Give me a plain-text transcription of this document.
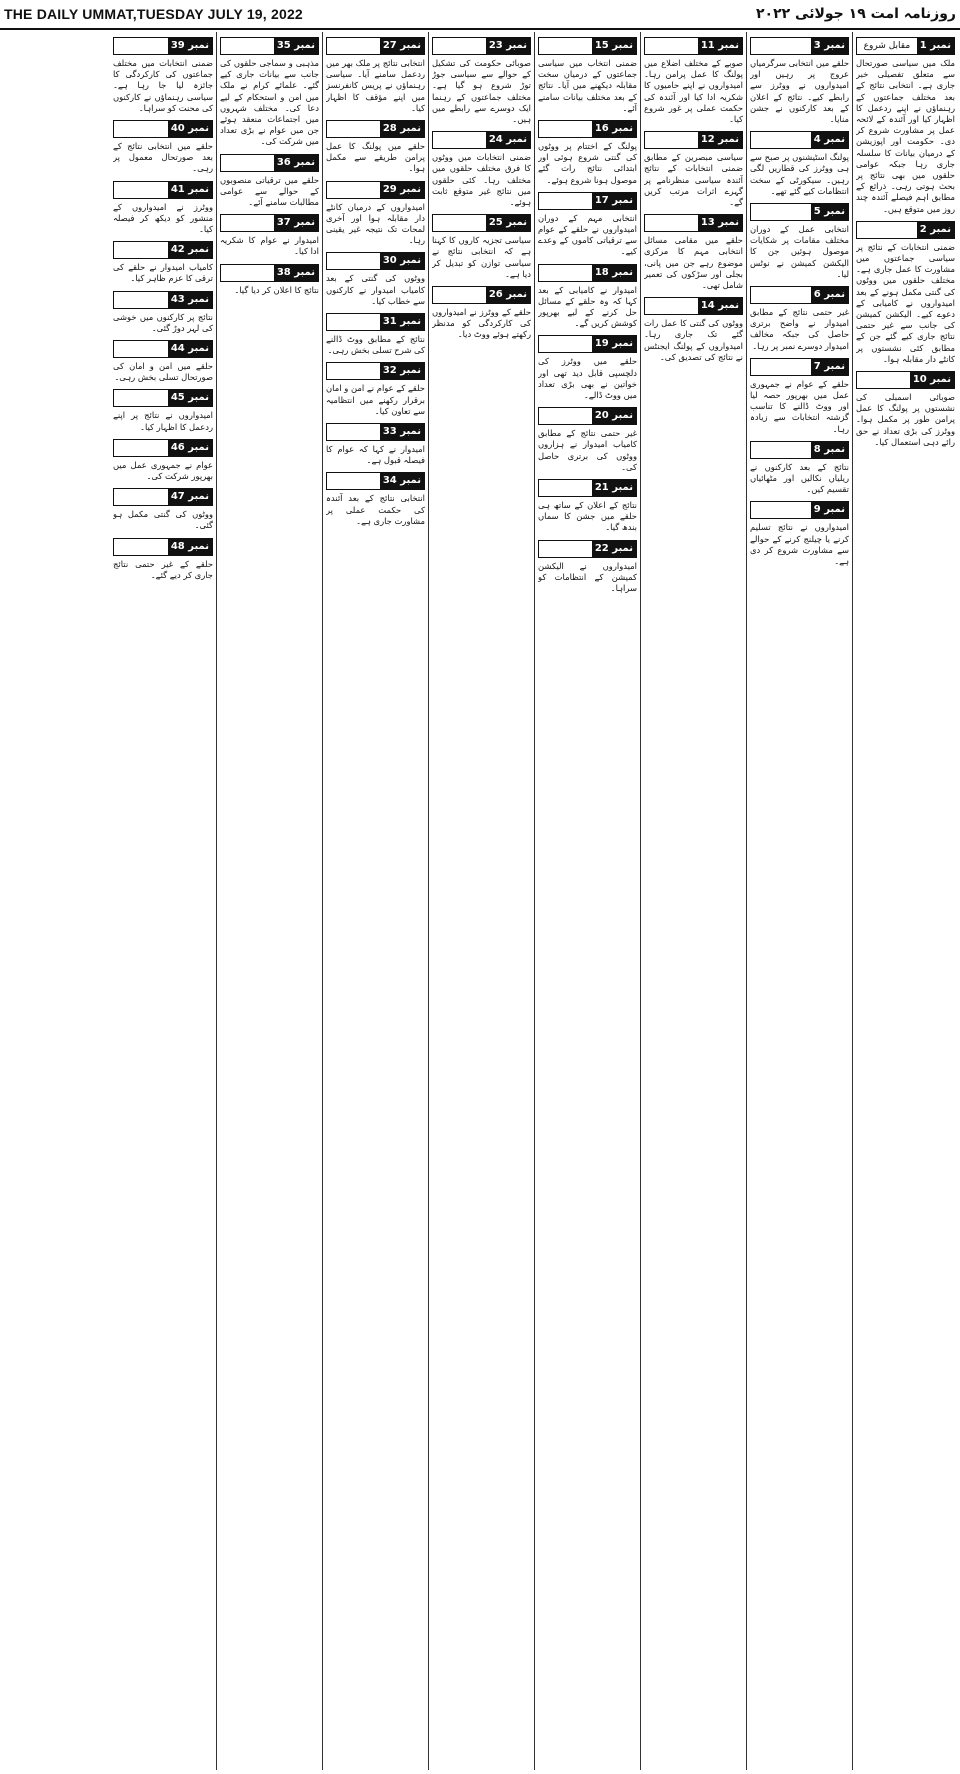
THE DAILY UMMAT,TUESDAY JULY 19, 2022	روزنامہ امت ۱۹ جولائی ۲۰۲۲
نمبر 1
مقابل شروع
ملک میں سیاسی صورتحال سے متعلق تفصیلی خبر جاری ہے۔ انتخابی نتائج کے بعد مختلف جماعتوں کے رہنماؤں نے اپنے ردعمل کا اظہار کیا اور آئندہ کے لائحہ عمل پر مشاورت شروع کر دی۔ حکومت اور اپوزیشن کے درمیان بیانات کا سلسلہ جاری رہا جبکہ عوامی حلقوں میں بھی نتائج پر بحث ہوتی رہی۔ ذرائع کے مطابق اہم فیصلے آئندہ چند روز میں متوقع ہیں۔
نمبر 2
ضمنی انتخابات کے نتائج پر سیاسی جماعتوں میں مشاورت کا عمل جاری ہے۔ مختلف حلقوں میں ووٹوں کی گنتی مکمل ہونے کے بعد امیدواروں نے کامیابی کے دعوے کیے۔ الیکشن کمیشن کی جانب سے غیر حتمی نتائج جاری کیے گئے جن کے مطابق کئی نشستوں پر کانٹے دار مقابلہ ہوا۔
نمبر 10
صوبائی اسمبلی کی نشستوں پر پولنگ کا عمل پرامن طور پر مکمل ہوا۔ ووٹرز کی بڑی تعداد نے حق رائے دہی استعمال کیا۔
نمبر 3
حلقے میں انتخابی سرگرمیاں عروج پر رہیں اور امیدواروں نے ووٹرز سے رابطے کیے۔ نتائج کے اعلان کے بعد کارکنوں نے جشن منایا۔
نمبر 4
پولنگ اسٹیشنوں پر صبح سے ہی ووٹرز کی قطاریں لگی رہیں۔ سیکورٹی کے سخت انتظامات کیے گئے تھے۔
نمبر 5
انتخابی عمل کے دوران مختلف مقامات پر شکایات موصول ہوئیں جن کا الیکشن کمیشن نے نوٹس لیا۔
نمبر 6
غیر حتمی نتائج کے مطابق امیدوار نے واضح برتری حاصل کی جبکہ مخالف امیدوار دوسرے نمبر پر رہا۔
نمبر 7
حلقے کے عوام نے جمہوری عمل میں بھرپور حصہ لیا اور ووٹ ڈالنے کا تناسب گزشتہ انتخابات سے زیادہ رہا۔
نمبر 8
نتائج کے بعد کارکنوں نے ریلیاں نکالیں اور مٹھائیاں تقسیم کیں۔
نمبر 9
امیدواروں نے نتائج تسلیم کرنے یا چیلنج کرنے کے حوالے سے مشاورت شروع کر دی ہے۔
نمبر 11
صوبے کے مختلف اضلاع میں پولنگ کا عمل پرامن رہا۔ امیدواروں نے اپنے حامیوں کا شکریہ ادا کیا اور آئندہ کی حکمت عملی پر غور شروع کیا۔
نمبر 12
سیاسی مبصرین کے مطابق ضمنی انتخابات کے نتائج آئندہ سیاسی منظرنامے پر گہرے اثرات مرتب کریں گے۔
نمبر 13
حلقے میں مقامی مسائل انتخابی مہم کا مرکزی موضوع رہے جن میں پانی، بجلی اور سڑکوں کی تعمیر شامل تھی۔
نمبر 14
ووٹوں کی گنتی کا عمل رات گئے تک جاری رہا۔ امیدواروں کے پولنگ ایجنٹس نے نتائج کی تصدیق کی۔
نمبر 15
ضمنی انتخاب میں سیاسی جماعتوں کے درمیان سخت مقابلہ دیکھنے میں آیا۔ نتائج کے بعد مختلف بیانات سامنے آئے۔
نمبر 16
پولنگ کے اختتام پر ووٹوں کی گنتی شروع ہوئی اور ابتدائی نتائج رات گئے موصول ہونا شروع ہوئے۔
نمبر 17
انتخابی مہم کے دوران امیدواروں نے حلقے کے عوام سے ترقیاتی کاموں کے وعدے کیے۔
نمبر 18
امیدوار نے کامیابی کے بعد کہا کہ وہ حلقے کے مسائل حل کرنے کے لیے بھرپور کوشش کریں گے۔
نمبر 19
حلقے میں ووٹرز کی دلچسپی قابل دید تھی اور خواتین نے بھی بڑی تعداد میں ووٹ ڈالے۔
نمبر 20
غیر حتمی نتائج کے مطابق کامیاب امیدوار نے ہزاروں ووٹوں کی برتری حاصل کی۔
نمبر 21
نتائج کے اعلان کے ساتھ ہی حلقے میں جشن کا سماں بندھ گیا۔
نمبر 22
امیدواروں نے الیکشن کمیشن کے انتظامات کو سراہا۔
نمبر 23
صوبائی حکومت کی تشکیل کے حوالے سے سیاسی جوڑ توڑ شروع ہو گیا ہے۔ مختلف جماعتوں کے رہنما ایک دوسرے سے رابطے میں ہیں۔
نمبر 24
ضمنی انتخابات میں ووٹوں کا فرق مختلف حلقوں میں مختلف رہا۔ کئی حلقوں میں نتائج غیر متوقع ثابت ہوئے۔
نمبر 25
سیاسی تجزیہ کاروں کا کہنا ہے کہ انتخابی نتائج نے سیاسی توازن کو تبدیل کر دیا ہے۔
نمبر 26
حلقے کے ووٹرز نے امیدواروں کی کارکردگی کو مدنظر رکھتے ہوئے ووٹ دیا۔
نمبر 27
انتخابی نتائج پر ملک بھر میں ردعمل سامنے آیا۔ سیاسی رہنماؤں نے پریس کانفرنسز میں اپنے مؤقف کا اظہار کیا۔
نمبر 28
حلقے میں پولنگ کا عمل پرامن طریقے سے مکمل ہوا۔
نمبر 29
امیدواروں کے درمیان کانٹے دار مقابلہ ہوا اور آخری لمحات تک نتیجہ غیر یقینی رہا۔
نمبر 30
ووٹوں کی گنتی کے بعد کامیاب امیدوار نے کارکنوں سے خطاب کیا۔
نمبر 31
نتائج کے مطابق ووٹ ڈالنے کی شرح تسلی بخش رہی۔
نمبر 32
حلقے کے عوام نے امن و امان برقرار رکھنے میں انتظامیہ سے تعاون کیا۔
نمبر 33
امیدوار نے کہا کہ عوام کا فیصلہ قبول ہے۔
نمبر 34
انتخابی نتائج کے بعد آئندہ کی حکمت عملی پر مشاورت جاری ہے۔
نمبر 35
مذہبی و سماجی حلقوں کی جانب سے بیانات جاری کیے گئے۔ علمائے کرام نے ملک میں امن و استحکام کے لیے دعا کی۔ مختلف شہروں میں اجتماعات منعقد ہوئے جن میں عوام نے بڑی تعداد میں شرکت کی۔
نمبر 36
حلقے میں ترقیاتی منصوبوں کے حوالے سے عوامی مطالبات سامنے آئے۔
نمبر 37
امیدوار نے عوام کا شکریہ ادا کیا۔
نمبر 38
نتائج کا اعلان کر دیا گیا۔
نمبر 39
ضمنی انتخابات میں مختلف جماعتوں کی کارکردگی کا جائزہ لیا جا رہا ہے۔ سیاسی رہنماؤں نے کارکنوں کی محنت کو سراہا۔
نمبر 40
حلقے میں انتخابی نتائج کے بعد صورتحال معمول پر رہی۔
نمبر 41
ووٹرز نے امیدواروں کے منشور کو دیکھ کر فیصلہ کیا۔
نمبر 42
کامیاب امیدوار نے حلقے کی ترقی کا عزم ظاہر کیا۔
نمبر 43
نتائج پر کارکنوں میں خوشی کی لہر دوڑ گئی۔
نمبر 44
حلقے میں امن و امان کی صورتحال تسلی بخش رہی۔
نمبر 45
امیدواروں نے نتائج پر اپنے ردعمل کا اظہار کیا۔
نمبر 46
عوام نے جمہوری عمل میں بھرپور شرکت کی۔
نمبر 47
ووٹوں کی گنتی مکمل ہو گئی۔
نمبر 48
حلقے کے غیر حتمی نتائج جاری کر دیے گئے۔
